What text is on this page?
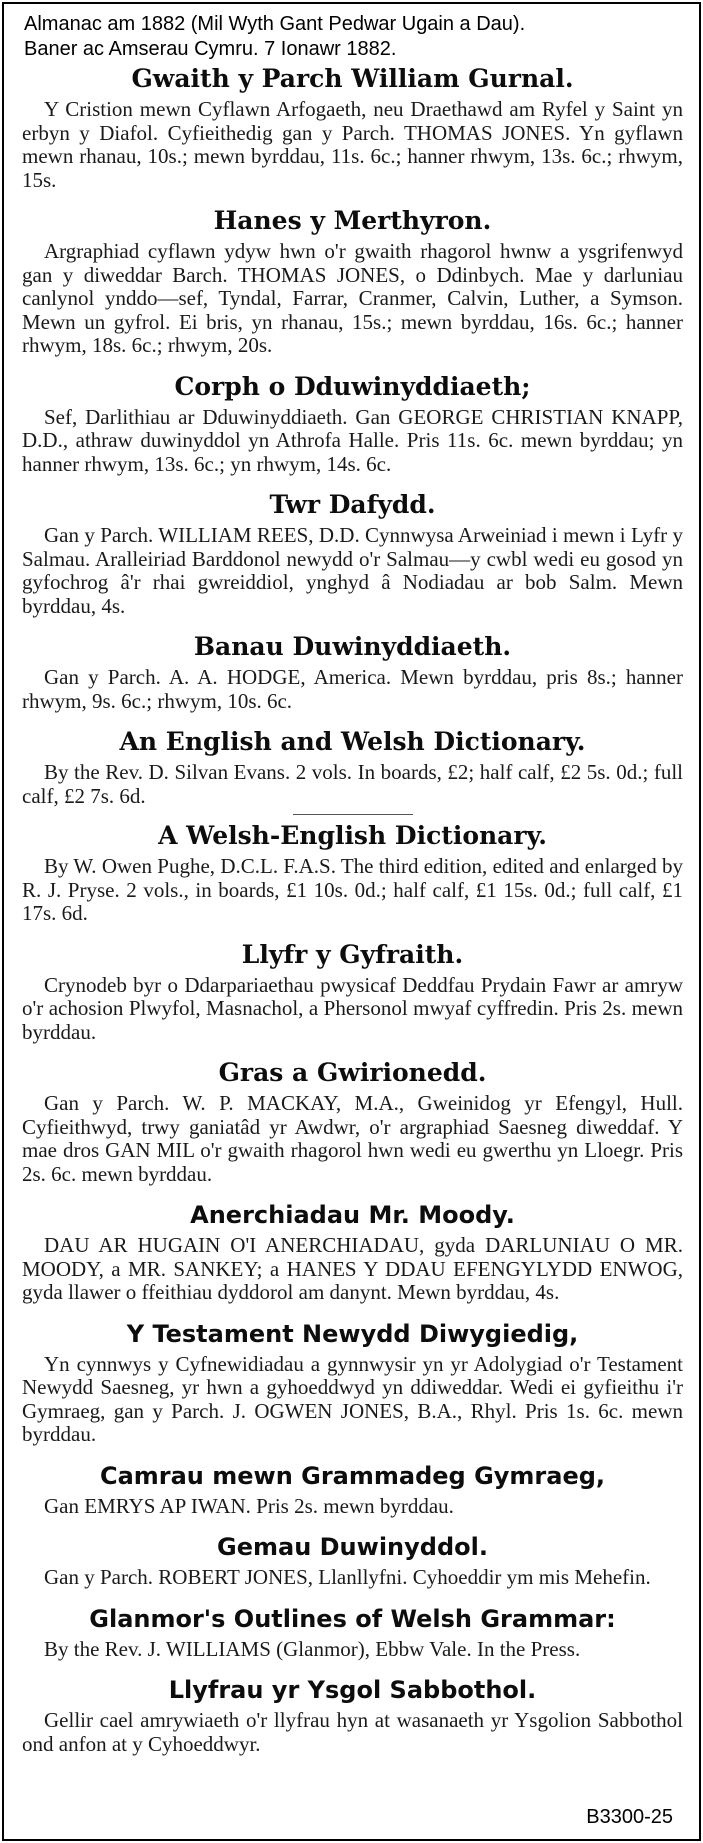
Almanac am 1882 (Mil Wyth Gant Pedwar Ugain a Dau).
Baner ac Amserau Cymru. 7 Ionawr 1882.
Gwaith y Parch William Gurnal.

Y Cristion mewn Cyflawn Arfogaeth, neu Draethawd am Ryfel y Saint yn erbyn y Diafol. Cyfieithedig gan y Parch. THOMAS JONES. Yn gyflawn mewn rhanau, 10s.; mewn byrddau, 11s. 6c.; hanner rhwym, 13s. 6c.; rhwym, 15s.

Hanes y Merthyron.

Argraphiad cyflawn ydyw hwn o'r gwaith rhagorol hwnw a ysgrifenwyd gan y diweddar Barch. THOMAS JONES, o Ddinbych. Mae y darluniau canlynol ynddo—sef, Tyndal, Farrar, Cranmer, Calvin, Luther, a Symson. Mewn un gyfrol. Ei bris, yn rhanau, 15s.; mewn byrddau, 16s. 6c.; hanner rhwym, 18s. 6c.; rhwym, 20s.

Corph o Dduwinyddiaeth;

Sef, Darlithiau ar Dduwinyddiaeth. Gan GEORGE CHRISTIAN KNAPP, D.D., athraw duwinyddol yn Athrofa Halle. Pris 11s. 6c. mewn byrddau; yn hanner rhwym, 13s. 6c.; yn rhwym, 14s. 6c.

Twr Dafydd.

Gan y Parch. WILLIAM REES, D.D. Cynnwysa Arweiniad i mewn i Lyfr y Salmau. Aralleiriad Barddonol newydd o'r Salmau—y cwbl wedi eu gosod yn gyfochrog â'r rhai gwreiddiol, ynghyd â Nodiadau ar bob Salm. Mewn byrddau, 4s.

Banau Duwinyddiaeth.

Gan y Parch. A. A. HODGE, America. Mewn byrddau, pris 8s.; hanner rhwym, 9s. 6c.; rhwym, 10s. 6c.

An English and Welsh Dictionary.

By the Rev. D. Silvan Evans. 2 vols. In boards, £2; half calf, £2 5s. 0d.; full calf, £2 7s. 6d.

A Welsh-English Dictionary.

By W. Owen Pughe, D.C.L. F.A.S. The third edition, edited and enlarged by R. J. Pryse. 2 vols., in boards, £1 10s. 0d.; half calf, £1 15s. 0d.; full calf, £1 17s. 6d.

Llyfr y Gyfraith.

Crynodeb byr o Ddarpariaethau pwysicaf Deddfau Prydain Fawr ar amryw o'r achosion Plwyfol, Masnachol, a Phersonol mwyaf cyffredin. Pris 2s. mewn byrddau.

Gras a Gwirionedd.

Gan y Parch. W. P. MACKAY, M.A., Gweinidog yr Efengyl, Hull. Cyfieithwyd, trwy ganiatâd yr Awdwr, o'r argraphiad Saesneg diweddaf. Y mae dros GAN MIL o'r gwaith rhagorol hwn wedi eu gwerthu yn Lloegr. Pris 2s. 6c. mewn byrddau.

Anerchiadau Mr. Moody.

DAU AR HUGAIN O'I ANERCHIADAU, gyda DARLUNIAU O MR. MOODY, a MR. SANKEY; a HANES Y DDAU EFENGYLYDD ENWOG, gyda llawer o ffeithiau dyddorol am danynt. Mewn byrddau, 4s.

Y Testament Newydd Diwygiedig,

Yn cynnwys y Cyfnewidiadau a gynnwysir yn yr Adolygiad o'r Testament Newydd Saesneg, yr hwn a gyhoeddwyd yn ddiweddar. Wedi ei gyfieithu i'r Gymraeg, gan y Parch. J. OGWEN JONES, B.A., Rhyl. Pris 1s. 6c. mewn byrddau.

Camrau mewn Grammadeg Gymraeg,

Gan EMRYS AP IWAN. Pris 2s. mewn byrddau.

Gemau Duwinyddol.

Gan y Parch. ROBERT JONES, Llanllyfni. Cyhoeddir ym mis Mehefin.

Glanmor's Outlines of Welsh Grammar:

By the Rev. J. WILLIAMS (Glanmor), Ebbw Vale. In the Press.

Llyfrau yr Ysgol Sabbothol.

Gellir cael amrywiaeth o'r llyfrau hyn at wasanaeth yr Ysgolion Sabbothol ond anfon at y Cyhoeddwyr.

B3300-25
